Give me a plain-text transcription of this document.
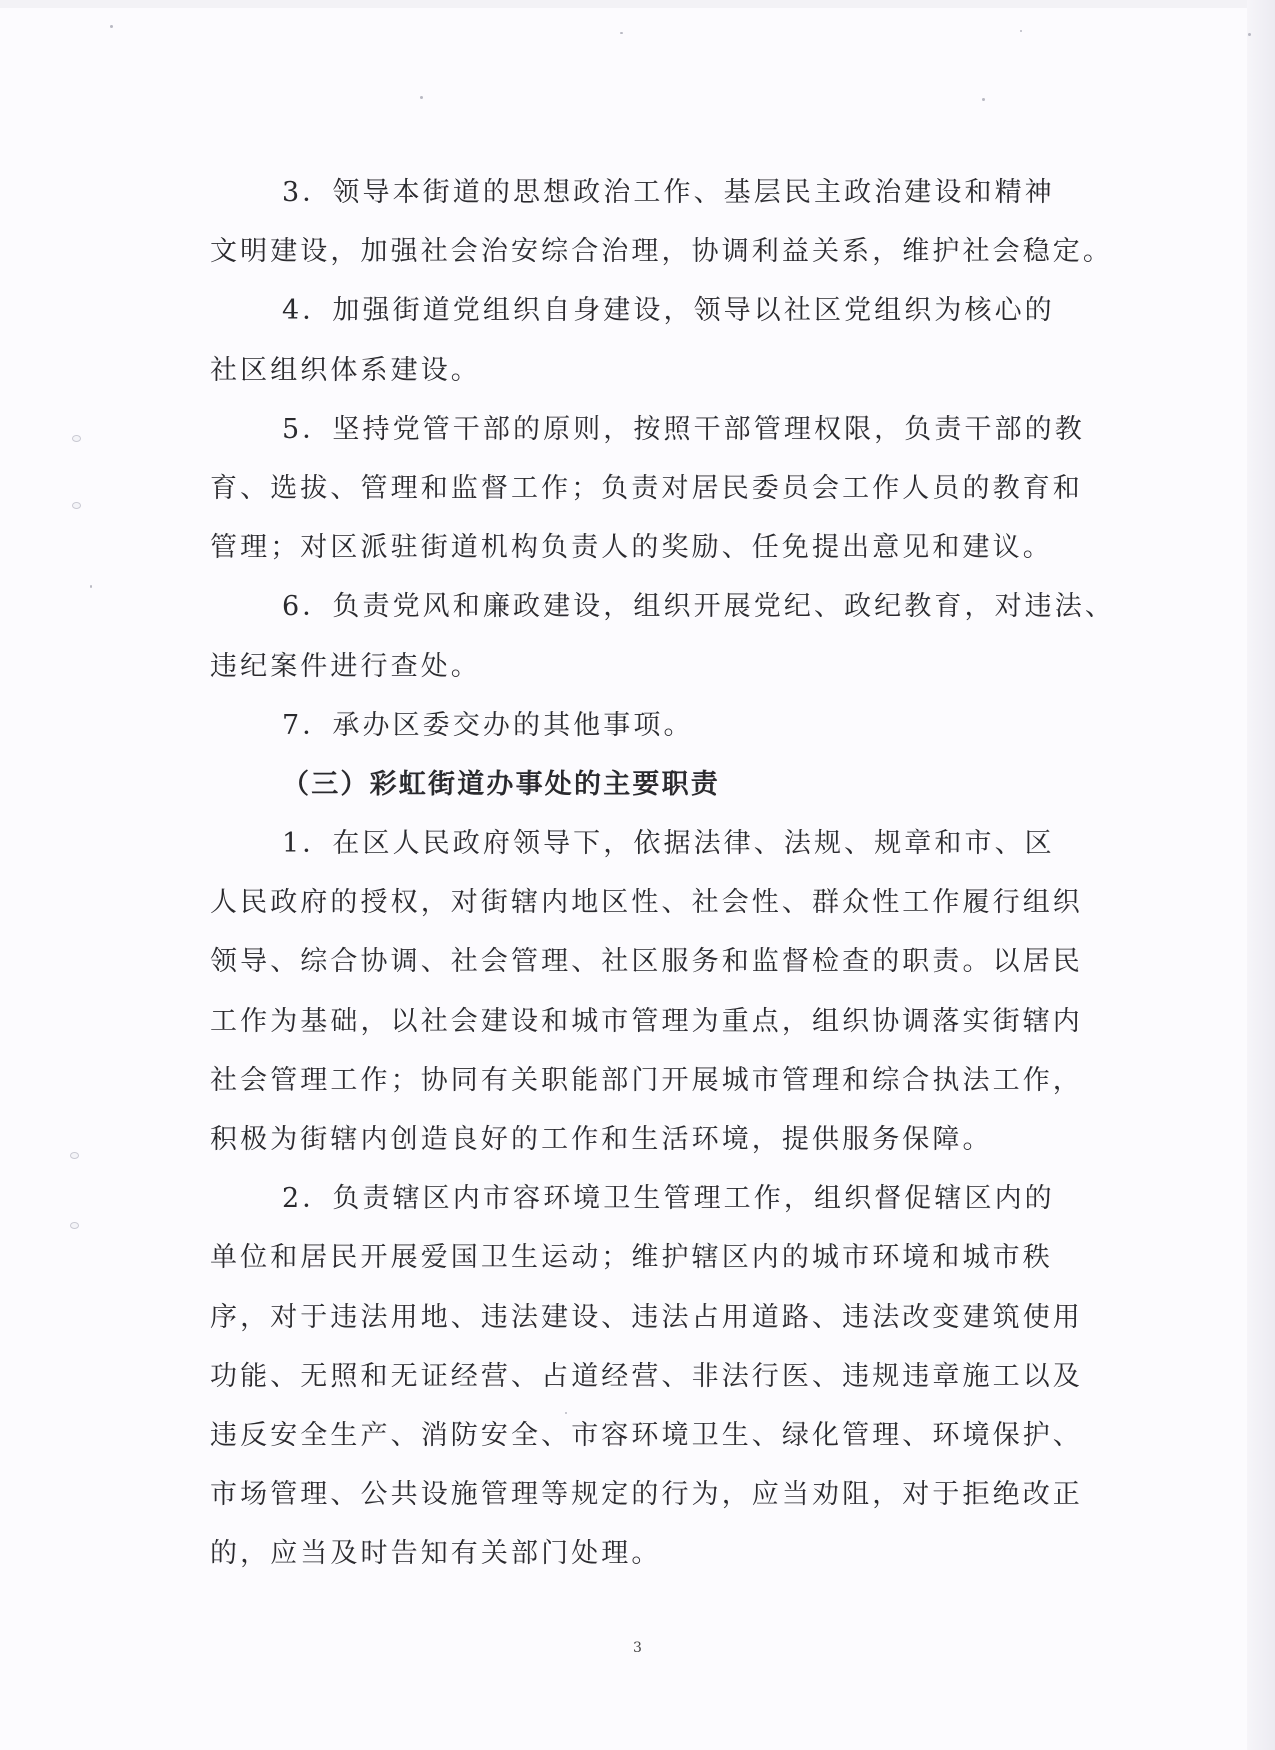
3．领导本街道的思想政治工作、基层民主政治建设和精神
文明建设，加强社会治安综合治理，协调利益关系，维护社会稳定。
4．加强街道党组织自身建设，领导以社区党组织为核心的
社区组织体系建设。
5．坚持党管干部的原则，按照干部管理权限，负责干部的教
育、选拔、管理和监督工作；负责对居民委员会工作人员的教育和
管理；对区派驻街道机构负责人的奖励、任免提出意见和建议。
6．负责党风和廉政建设，组织开展党纪、政纪教育，对违法、
违纪案件进行查处。
7．承办区委交办的其他事项。
（三）彩虹街道办事处的主要职责
1．在区人民政府领导下，依据法律、法规、规章和市、区
人民政府的授权，对街辖内地区性、社会性、群众性工作履行组织
领导、综合协调、社会管理、社区服务和监督检查的职责。以居民
工作为基础，以社会建设和城市管理为重点，组织协调落实街辖内
社会管理工作；协同有关职能部门开展城市管理和综合执法工作，
积极为街辖内创造良好的工作和生活环境，提供服务保障。
2．负责辖区内市容环境卫生管理工作，组织督促辖区内的
单位和居民开展爱国卫生运动；维护辖区内的城市环境和城市秩
序，对于违法用地、违法建设、违法占用道路、违法改变建筑使用
功能、无照和无证经营、占道经营、非法行医、违规违章施工以及
违反安全生产、消防安全、市容环境卫生、绿化管理、环境保护、
市场管理、公共设施管理等规定的行为，应当劝阻，对于拒绝改正
的，应当及时告知有关部门处理。
3
